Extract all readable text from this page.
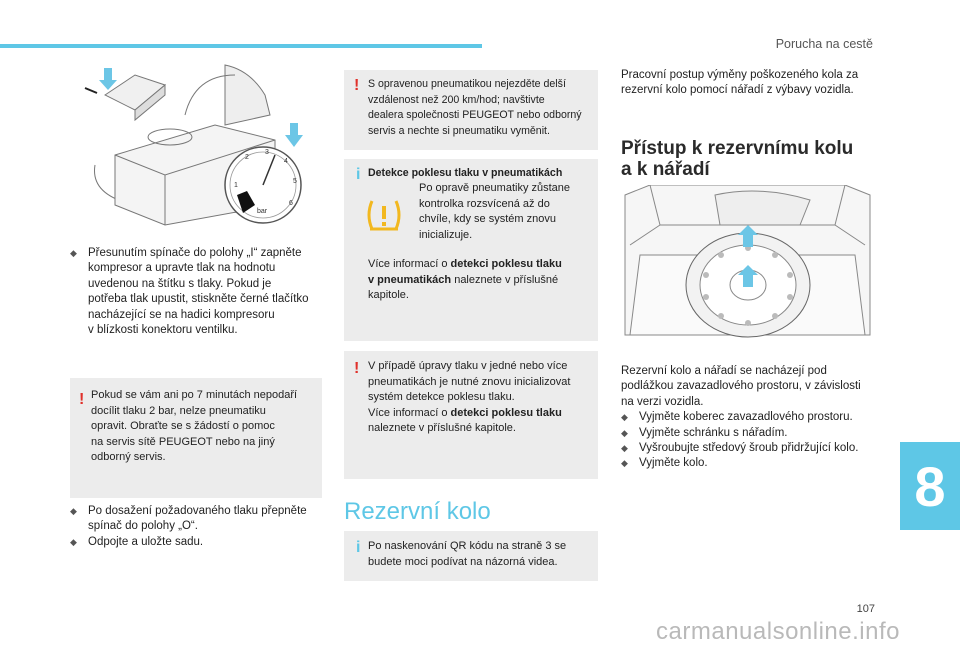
Porucha na cestě
8
107
carmanualsonline.info
1
2
3
4
5
6
bar
◆ Přesunutím spínače do polohy „I“ zapněte
kompresor a upravte tlak na hodnotu
uvedenou na štítku s tlaky. Pokud je
potřeba tlak upustit, stiskněte černé tlačítko
nacházející se na hadici kompresoru
v blízkosti konektoru ventilku.
! Pokud se vám ani po 7 minutách nepodaří
docílit tlaku 2 bar, nelze pneumatiku
opravit. Obraťte se s žádostí o pomoc
na servis sítě PEUGEOT nebo na jiný
odborný servis.
◆ Po dosažení požadovaného tlaku přepněte
spínač do polohy „O“.
◆ Odpojte a uložte sadu.
! S opravenou pneumatikou nejezděte delší
vzdálenost než 200 km/hod; navštivte
dealera společnosti PEUGEOT nebo odborný
servis a nechte si pneumatiku vyměnit.
i Detekce poklesu tlaku v pneumatikách
Po opravě pneumatiky zůstane
kontrolka rozsvícená až do
chvíle, kdy se systém znovu
inicializuje.
Více informací o detekci poklesu tlaku
v pneumatikách naleznete v příslušné
kapitole.
! V případě úpravy tlaku v jedné nebo více
pneumatikách je nutné znovu inicializovat
systém detekce poklesu tlaku.
Více informací o detekci poklesu tlaku
naleznete v příslušné kapitole.
Rezervní kolo
i Po naskenování QR kódu na straně 3 se
budete moci podívat na názorná videa.
Pracovní postup výměny poškozeného kola za
rezervní kolo pomocí nářadí z výbavy vozidla.
Přístup k rezervnímu kolu
a k nářadí
Rezervní kolo a nářadí se nacházejí pod
podlážkou zavazadlového prostoru, v závislosti
na verzi vozidla.
◆ Vyjměte koberec zavazadlového prostoru.
◆ Vyjměte schránku s nářadím.
◆ Vyšroubujte středový šroub přidržující kolo.
◆ Vyjměte kolo.
